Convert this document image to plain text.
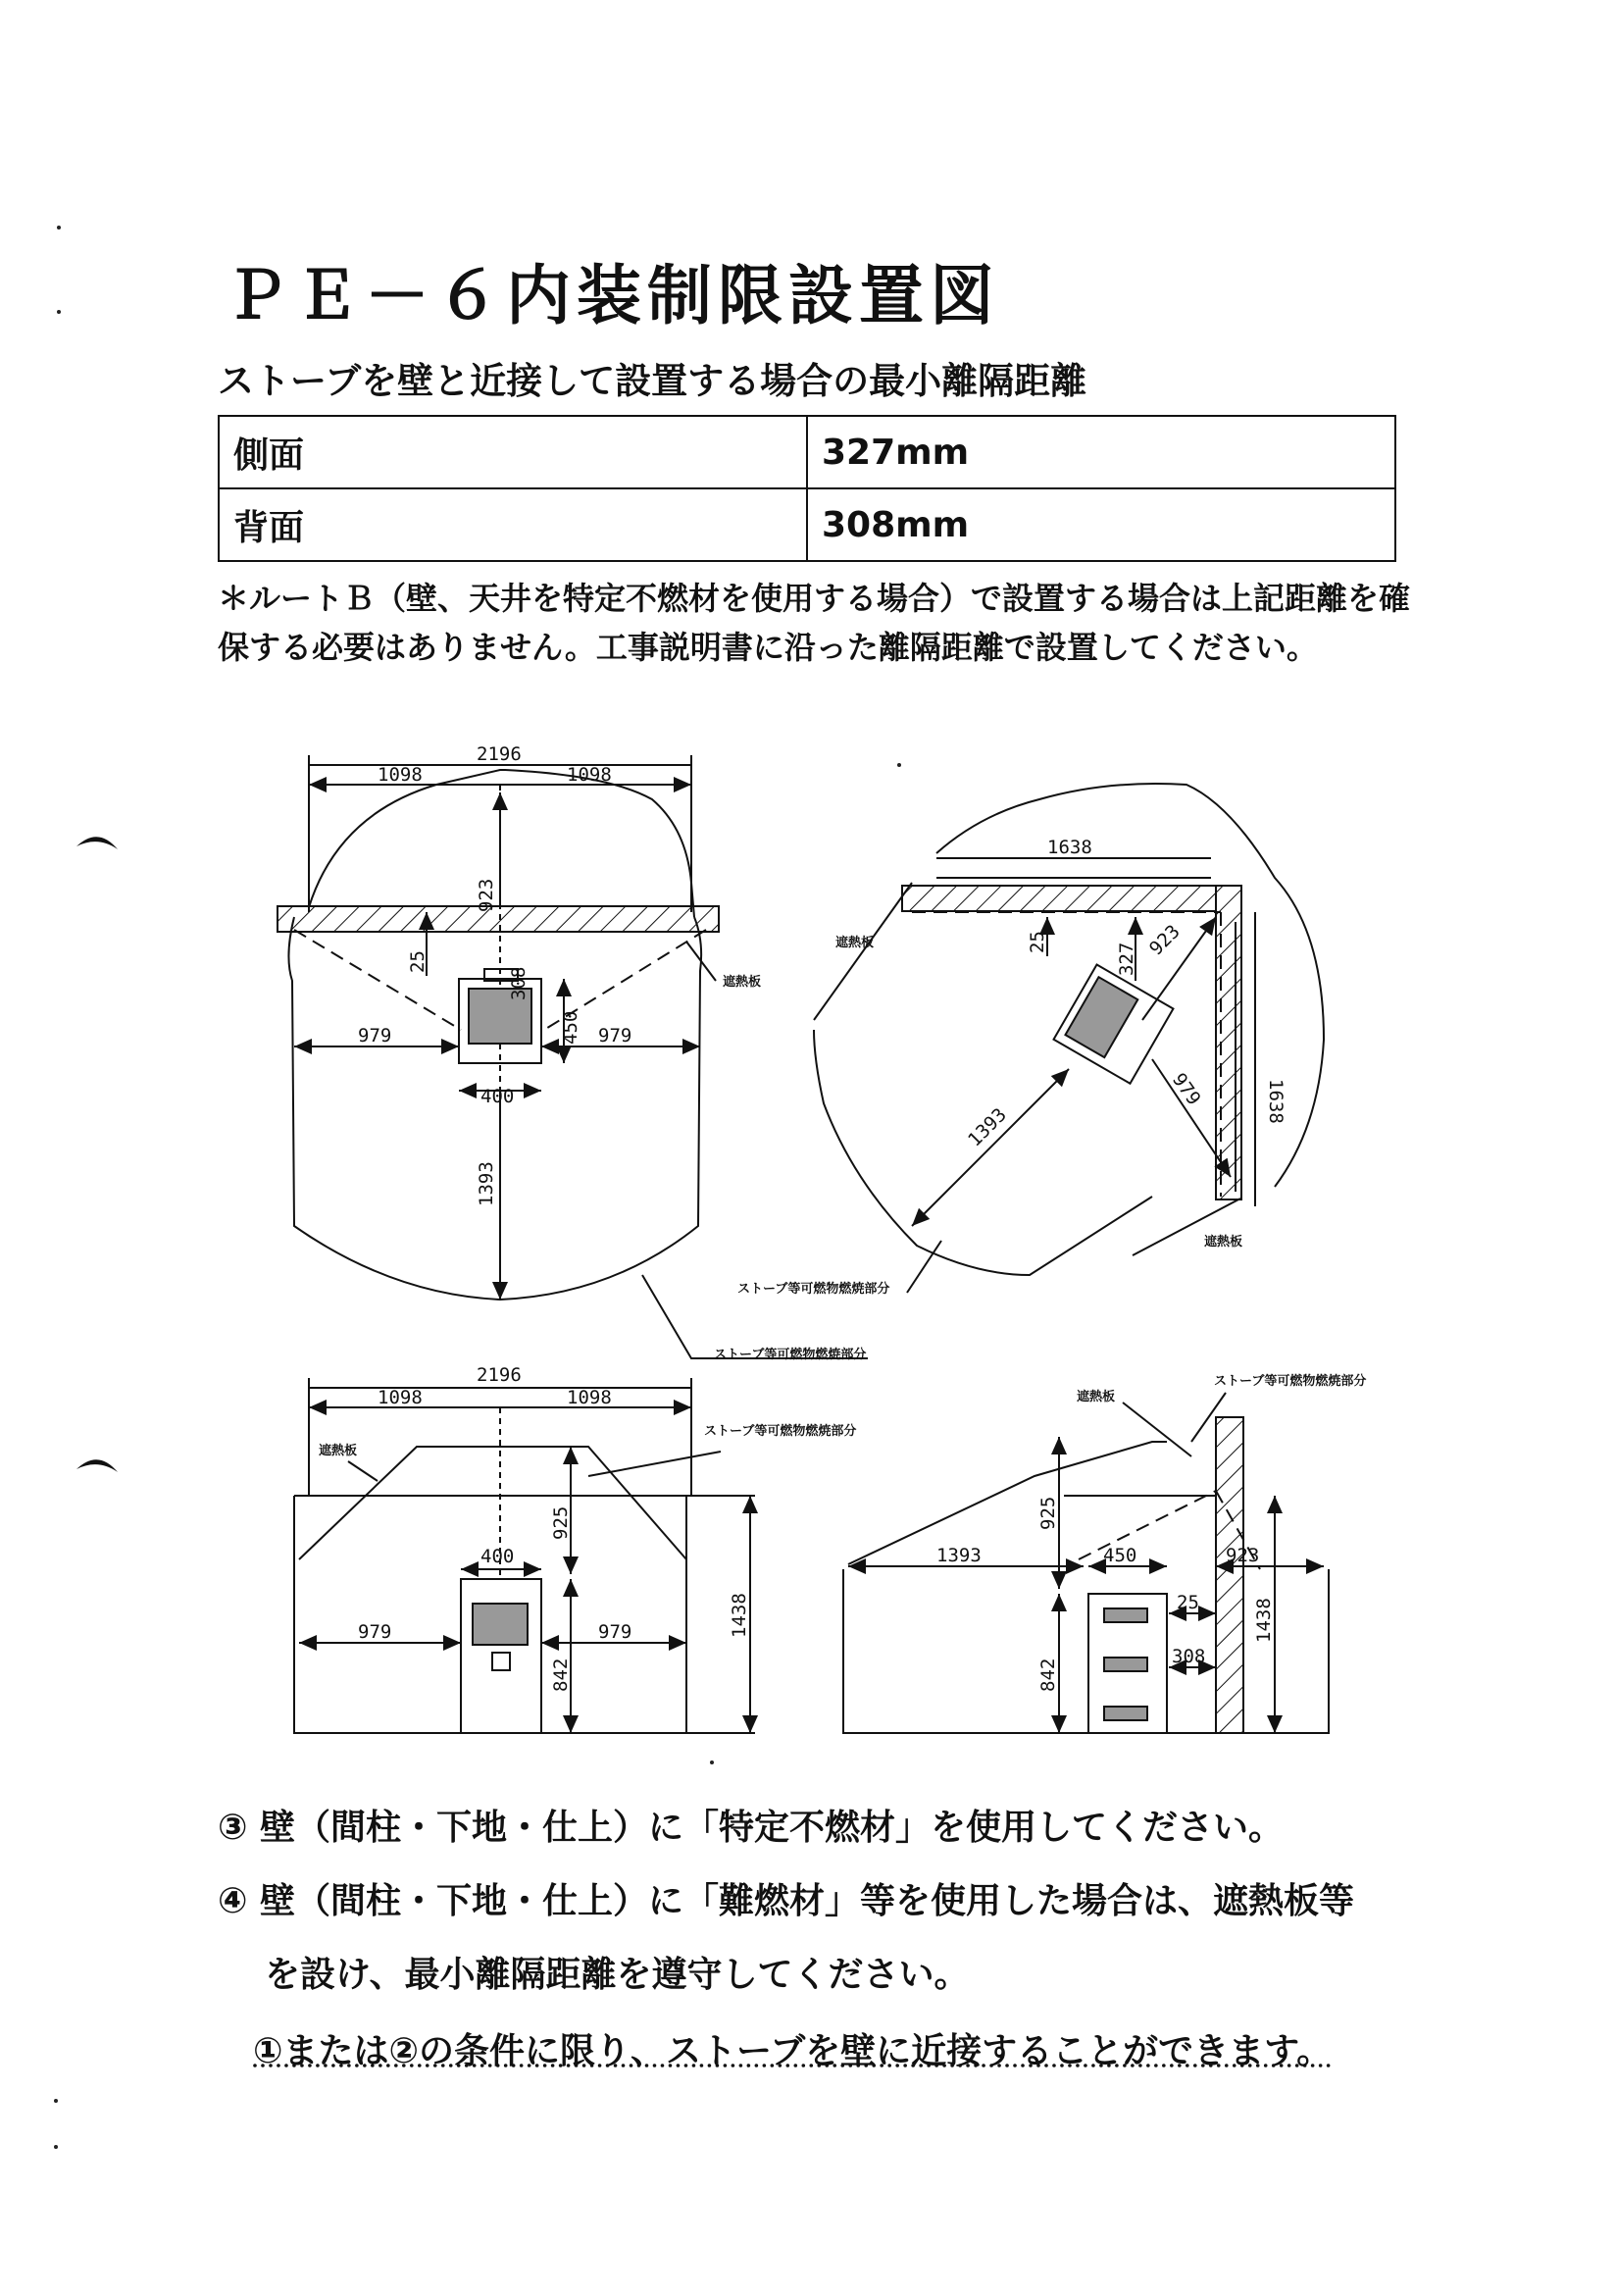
ＰＥ－６内装制限設置図
ストーブを壁と近接して設置する場合の最小離隔距離
側面	327mm
背面	308mm
＊ルートＢ（壁、天井を特定不燃材を使用する場合）で設置する場合は上記距離を確保する必要はありません。工事説明書に沿った離隔距離で設置してください。
2196
1098	1098
923
25
308
979	979
450
400
1393
1638
25
327 923
979	1638
1393
2196
1098	1098
925
400
979	979
842
1438
1393	450	923
925
842
25
308
1438
遮熱板
遮熱板
遮熱板
ストーブ等可燃物燃焼部分
ストーブ等可燃物燃焼部分
遮熱板
ストーブ等可燃物燃焼部分
遮熱板
ストーブ等可燃物燃焼部分
③ 壁（間柱・下地・仕上）に「特定不燃材」を使用してください。
④ 壁（間柱・下地・仕上）に「難燃材」等を使用した場合は、遮熱板等
を設け、最小離隔距離を遵守してください。
①または②の条件に限り、ストーブを壁に近接することができます。
